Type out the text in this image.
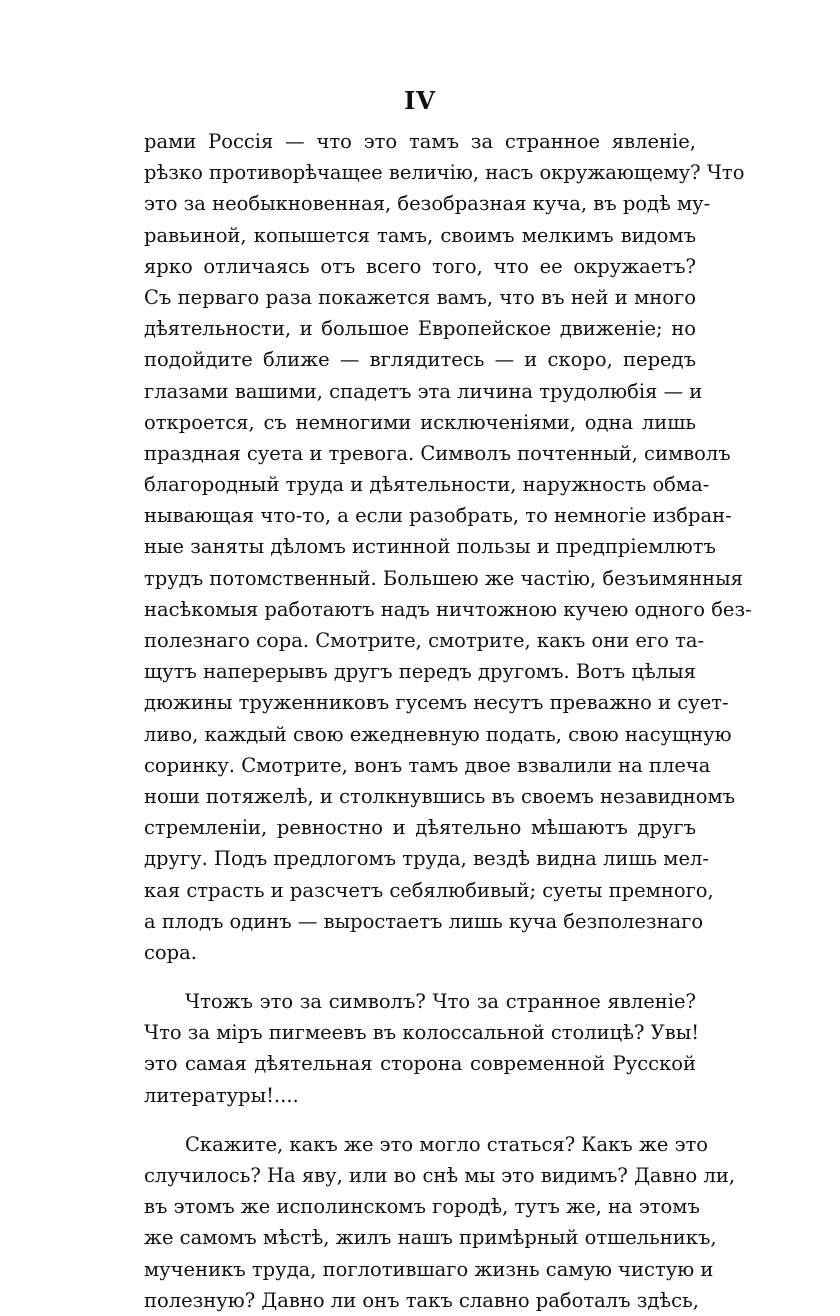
IV
рами Россія — что это тамъ за странное явленіе,
рѣзко противорѣчащее величію, насъ окружающему? Что
это за необыкновенная, безобразная куча, въ родѣ му-
равьиной, копышется тамъ, своимъ мелкимъ видомъ
ярко отличаясь отъ всего того, что ее окружаетъ?
Съ перваго раза покажется вамъ, что въ ней и много
дѣятельности, и большое Европейское движеніе; но
подойдите ближе — вглядитесь — и скоро, передъ
глазами вашими, спадетъ эта личина трудолюбія — и
откроется, съ немногими исключеніями, одна лишь
праздная суета и тревога. Символъ почтенный, символъ
благородный труда и дѣятельности, наружность обма-
нывающая что-то, а если разобрать, то немногіе избран-
ные заняты дѣломъ истинной пользы и предпріемлютъ
трудъ потомственный. Большею же частію, безъимянныя
насѣкомыя работаютъ надъ ничтожною кучею одного без-
полезнаго сора. Смотрите, смотрите, какъ они его та-
щутъ наперерывъ другъ передъ другомъ. Вотъ цѣлыя
дюжины труженниковъ гусемъ несутъ преважно и сует-
ливо, каждый свою ежедневную подать, свою насущную
соринку. Смотрите, вонъ тамъ двое взвалили на плеча
ноши потяжелѣ, и столкнувшись въ своемъ незавидномъ
стремленіи, ревностно и дѣятельно мѣшаютъ другъ
другу. Подъ предлогомъ труда, вездѣ видна лишь мел-
кая страсть и разсчетъ себялюбивый; суеты премного,
а плодъ одинъ — выростаетъ лишь куча безполезнаго
сора.
Чтожъ это за символъ? Что за странное явленіе?
Что за міръ пигмеевъ въ колоссальной столицѣ? Увы!
это самая дѣятельная сторона современной Русской
литературы!....
Скажите, какъ же это могло статься? Какъ же это
случилось? На яву, или во снѣ мы это видимъ? Давно ли,
въ этомъ же исполинскомъ городѣ, тутъ же, на этомъ
же самомъ мѣстѣ, жилъ нашъ примѣрный отшельникъ,
мученикъ труда, поглотившаго жизнь самую чистую и
полезную? Давно ли онъ такъ славно работалъ здѣсь,
